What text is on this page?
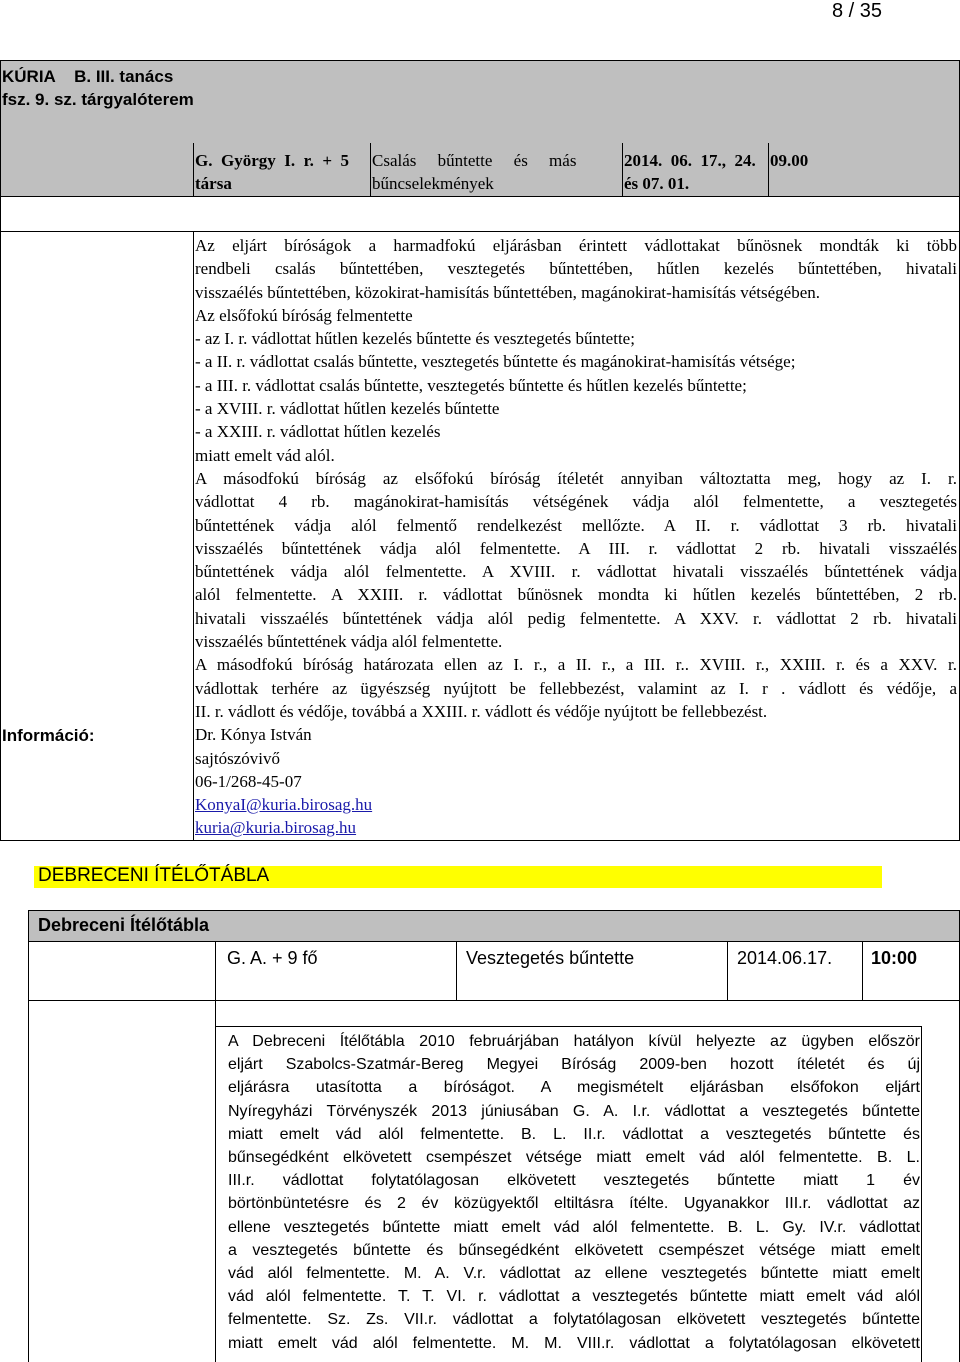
8 / 35
KÚRIA    B. III. tanács
fsz. 9. sz. tárgyalóterem
G.  György  I.  r.  +  5
társa
Csalás     bűntette     és     más
bűncselekmények
2014.  06.  17.,  24.
és 07. 01.
09.00
Információ:
Az eljárt bíróságok a harmadfokú eljárásban érintett vádlottakat bűnösnek mondták ki több
rendbeli csalás bűntettében, vesztegetés bűntettében, hűtlen kezelés bűntettében, hivatali
visszaélés bűntettében, közokirat-hamisítás bűntettében, magánokirat-hamisítás vétségében.
Az elsőfokú bíróság felmentette
- az I. r. vádlottat hűtlen kezelés bűntette és vesztegetés bűntette;
- a II. r. vádlottat csalás bűntette, vesztegetés bűntette és magánokirat-hamisítás vétsége;
- a III. r. vádlottat csalás bűntette, vesztegetés bűntette és hűtlen kezelés bűntette;
- a XVIII. r. vádlottat hűtlen kezelés bűntette
- a XXIII. r. vádlottat hűtlen kezelés
miatt emelt vád alól.
A másodfokú bíróság az elsőfokú bíróság ítéletét annyiban változtatta meg, hogy az I. r.
vádlottat 4 rb. magánokirat-hamisítás vétségének vádja alól felmentette, a vesztegetés
bűntettének vádja alól felmentő rendelkezést mellőzte. A II. r. vádlottat 3 rb. hivatali
visszaélés bűntettének vádja alól felmentette. A III. r. vádlottat 2 rb. hivatali visszaélés
bűntettének vádja alól felmentette. A XVIII. r. vádlottat hivatali visszaélés bűntettének vádja
alól felmentette. A XXIII. r. vádlottat bűnösnek mondta ki hűtlen kezelés bűntettében, 2 rb.
hivatali visszaélés bűntettének vádja alól pedig felmentette. A XXV. r. vádlottat 2 rb. hivatali
visszaélés bűntettének vádja alól felmentette.
A másodfokú bíróság határozata ellen az I. r., a II. r., a III. r.. XVIII. r., XXIII. r. és a XXV. r.
vádlottak terhére az ügyészség nyújtott be fellebbezést, valamint az I. r . vádlott és védője, a
II. r. vádlott és védője, továbbá a XXIII. r. vádlott és védője nyújtott be fellebbezést.
Dr. Kónya István
sajtószóvivő
06-1/268-45-07
KonyaI@kuria.birosag.hu
kuria@kuria.birosag.hu
DEBRECENI ÍTÉLŐTÁBLA
Debreceni Ítélőtábla
G. A. + 9 fő	Vesztegetés bűntette	2014.06.17. 10:00
A Debreceni Ítélőtábla 2010 februárjában hatályon kívül helyezte az ügyben először
eljárt Szabolcs-Szatmár-Bereg Megyei Bíróság 2009-ben hozott ítéletét és új
eljárásra utasította a bíróságot. A megismételt eljárásban elsőfokon eljárt
Nyíregyházi Törvényszék 2013 júniusában G. A. I.r. vádlottat a vesztegetés bűntette
miatt emelt vád alól felmentette. B. L. II.r. vádlottat a vesztegetés bűntette és
bűnsegédként elkövetett csempészet vétsége miatt emelt vád alól felmentette. B. L.
III.r. vádlottat folytatólagosan elkövetett vesztegetés bűntette miatt 1 év
börtönbüntetésre és 2 év közügyektől eltiltásra ítélte. Ugyanakkor III.r. vádlottat az
ellene vesztegetés bűntette miatt emelt vád alól felmentette. B. L. Gy. IV.r. vádlottat
a vesztegetés bűntette és bűnsegédként elkövetett csempészet vétsége miatt emelt
vád alól felmentette. M. A. V.r. vádlottat az ellene vesztegetés bűntette miatt emelt
vád alól felmentette. T. T. VI. r. vádlottat a vesztegetés bűntette miatt emelt vád alól
felmentette. Sz. Zs. VII.r. vádlottat a folytatólagosan elkövetett vesztegetés bűntette
miatt emelt vád alól felmentette. M. M. VIII.r. vádlottat a folytatólagosan elkövetett
